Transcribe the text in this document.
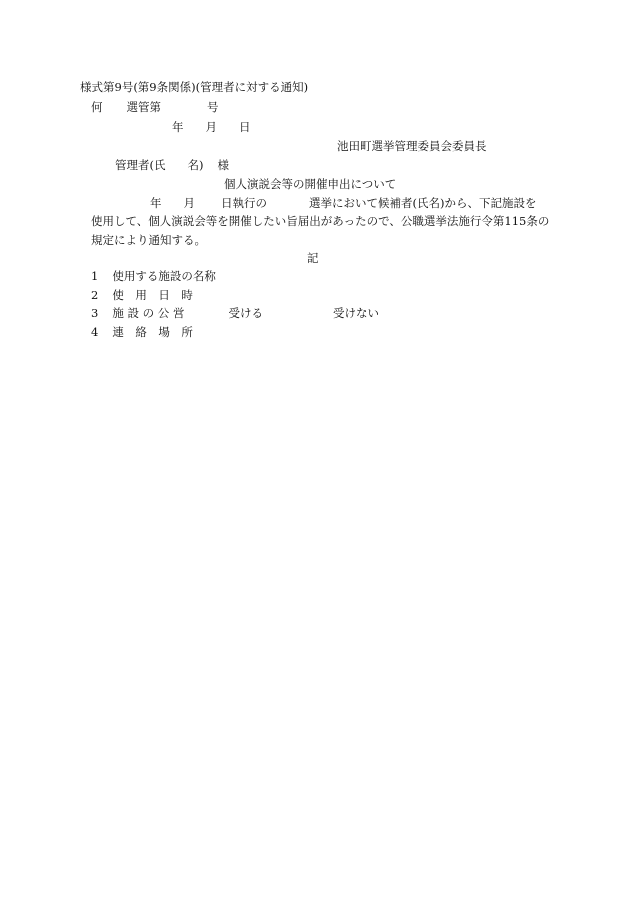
様式第9号(第9条関係)(管理者に対する通知)
何 選管第	号
年 月 日
池田町選挙管理委員会委員長
管理者(氏 名) 様
個人演説会等の開催申出について
年 月 日執行の	選挙において候補者(氏名)から、下記施設を
使用して、個人演説会等を開催したい旨届出があったので、公職選挙法施行令第115条の
規定により通知する。
記
1 使用する施設の名称
2 使　用　日　時
3 施 設 の 公 営	受ける	受けない
4 連　絡　場　所
